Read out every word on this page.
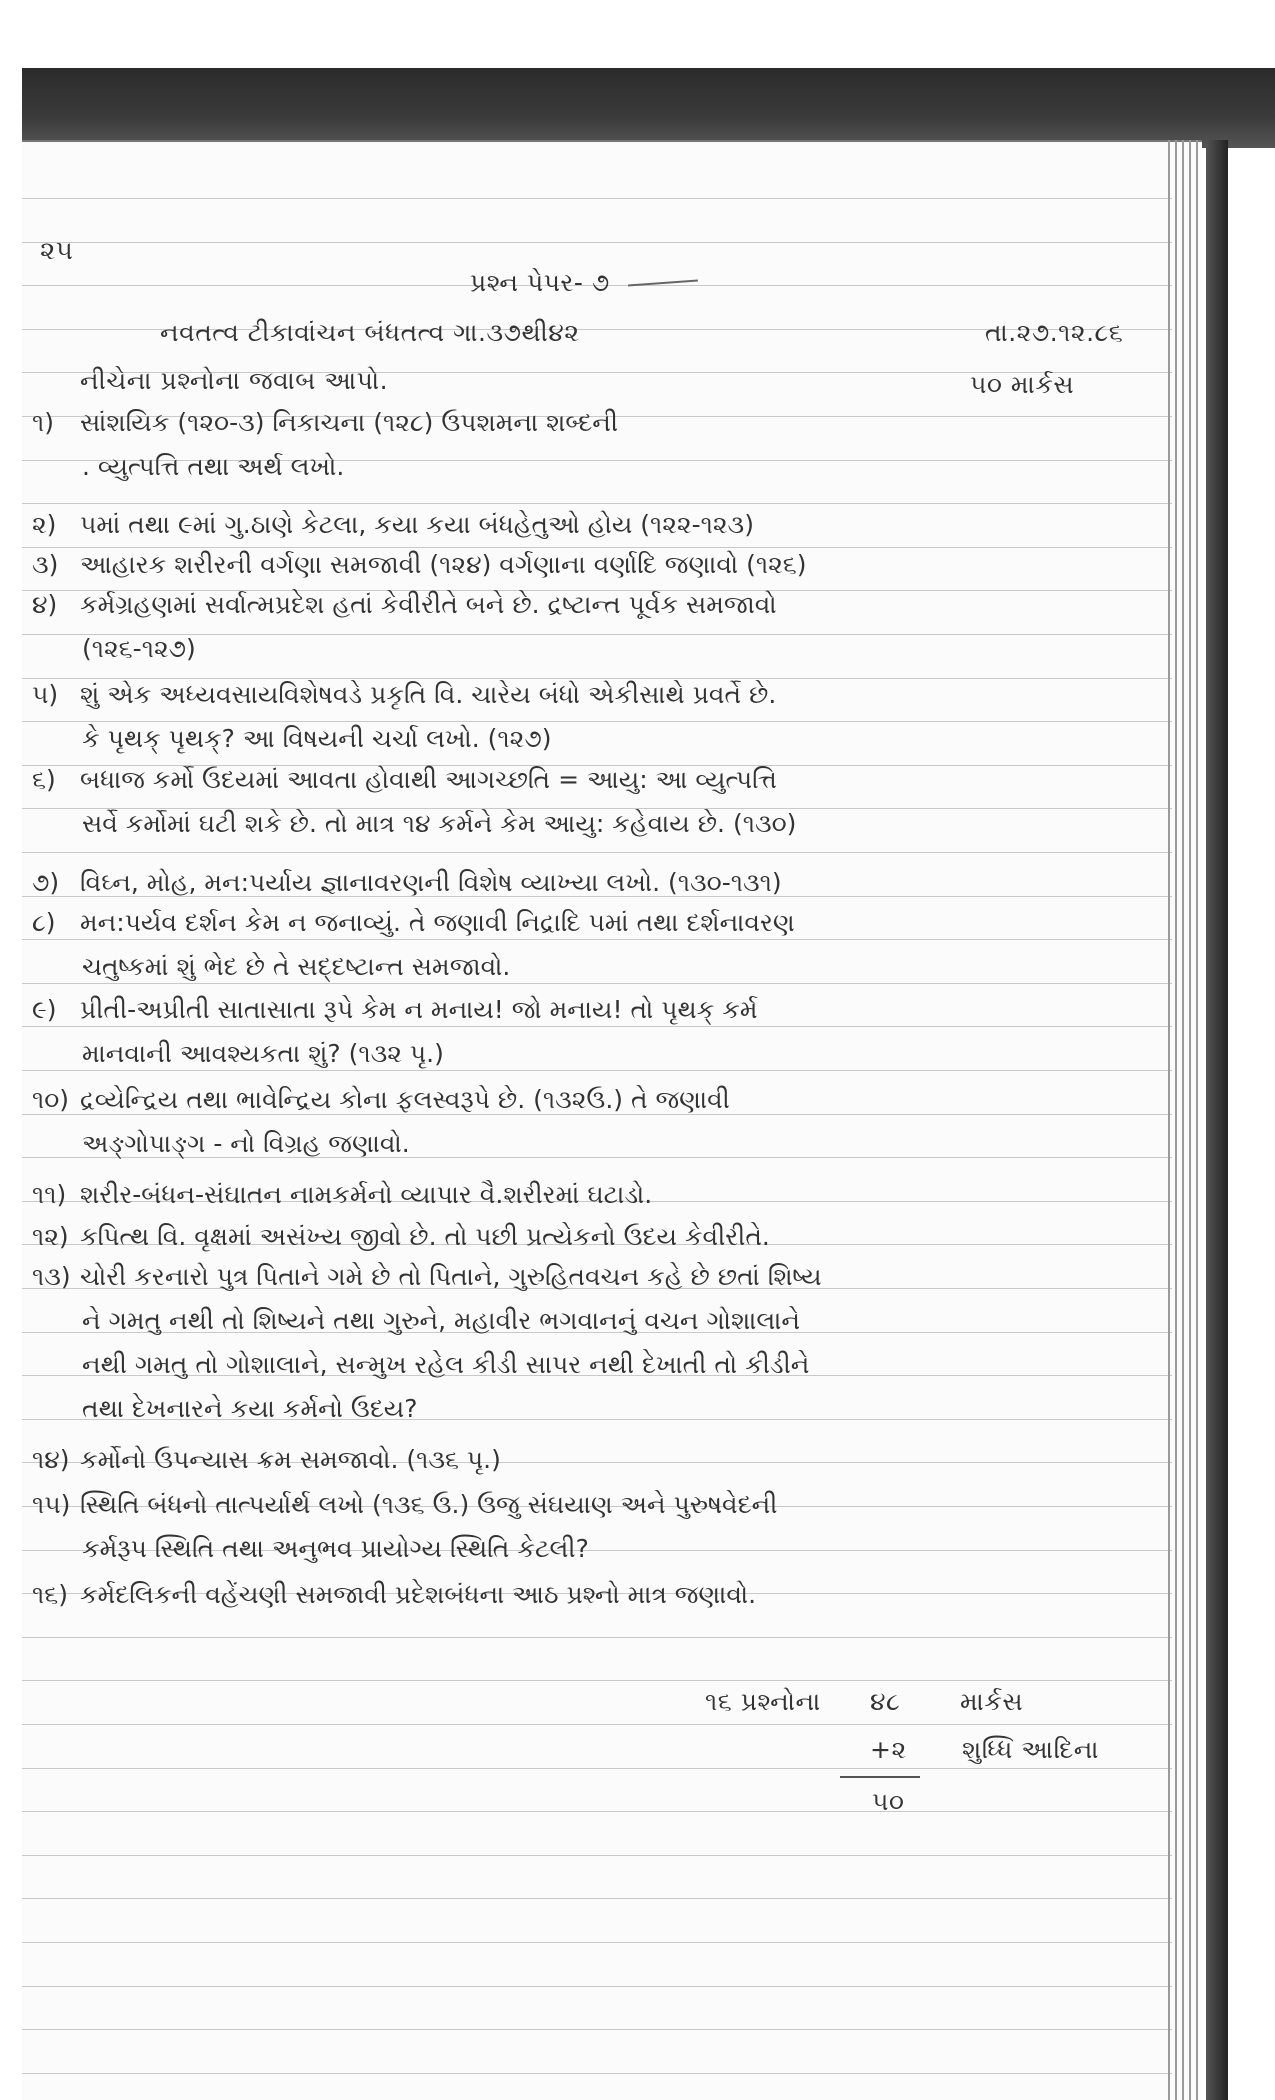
૨૫
પ્રશ્ન પેપર- ૭
નવતત્વ ટીકાવાંચન બંધતત્વ ગા.૩૭થી૪૨	તા.૨૭.૧૨.૮૬
નીચેના પ્રશ્નોના જવાબ આપો.	૫૦ માર્કસ
૧) સાંશયિક (૧૨૦-૩) નિકાચના (૧૨૮) ઉપશમના શબ્દની
. વ્યુત્પત્તિ તથા અર્થ લખો.
૨) ૫માં તથા ૯માં ગુ.ઠાણે કેટલા, કયા કયા બંધહેતુઓ હોય (૧૨૨-૧૨૩)
૩) આહારક શરીરની વર્ગણા સમજાવી (૧૨૪) વર્ગણાના વર્ણાદિ જણાવો (૧૨૬)
૪) કર્મગ્રહણમાં સર્વાત્મપ્રદેશ હતાં કેવીરીતે બને છે. દ્રષ્ટાન્ત પૂર્વક સમજાવો
(૧૨૬-૧૨૭)
૫) શું એક અધ્યવસાયવિશેષવડે પ્રકૃતિ વિ. ચારેય બંધો એકીસાથે પ્રવર્તે છે.
કે પૃથક્ પૃથક્? આ વિષયની ચર્ચા લખો. (૧૨૭)
૬) બધાજ કર્મો ઉદયમાં આવતા હોવાથી આગચ્છતિ = આયુ: આ વ્યુત્પત્તિ
સર્વે કર્મોમાં ઘટી શકે છે. તો માત્ર ૧૪ કર્મને કેમ આયુ: કહેવાય છે. (૧૩૦)
૭) વિઘ્ન, મોહ, મન:પર્યાય જ્ઞાનાવરણની વિશેષ વ્યાખ્યા લખો. (૧૩૦-૧૩૧)
૮) મન:પર્યવ દર્શન કેમ ન જનાવ્યું. તે જણાવી નિદ્રાદિ ૫માં તથા દર્શનાવરણ
ચતુષ્કમાં શું ભેદ છે તે સદ્દષ્ટાન્ત સમજાવો.
૯) પ્રીતી-અપ્રીતી સાતાસાતા રૂપે કેમ ન મનાય! જો મનાય! તો પૃથક્ કર્મ
માનવાની આવશ્યકતા શું? (૧૩૨ પૃ.)
૧૦) દ્રવ્યેન્દ્રિય તથા ભાવેન્દ્રિય કોના ફલસ્વરૂપે છે. (૧૩૨ઉ.) તે જણાવી
અઙ્ગોપાઙ્ગ - નો વિગ્રહ જણાવો.
૧૧) શરીર-બંધન-સંઘાતન નામકર્મનો વ્યાપાર વૈ.શરીરમાં ઘટાડો.
૧૨) કપિત્થ વિ. વૃક્ષમાં અસંખ્ય જીવો છે. તો પછી પ્રત્યેકનો ઉદય કેવીરીતે.
૧૩) ચોરી કરનારો પુત્ર પિતાને ગમે છે તો પિતાને, ગુરુહિતવચન કહે છે છતાં શિષ્ય
ને ગમતુ નથી તો શિષ્યને તથા ગુરુને, મહાવીર ભગવાનનું વચન ગોશાલાને
નથી ગમતુ તો ગોશાલાને, સન્મુખ રહેલ કીડી સાપર નથી દેખાતી તો કીડીને
તથા દેખનારને કયા કર્મનો ઉદય?
૧૪) કર્મોનો ઉપન્યાસ ક્રમ સમજાવો. (૧૩૬ પૃ.)
૧૫) સ્થિતિ બંધનો તાત્પર્યાર્થ લખો (૧૩૬ ઉ.) ઉજુ સંઘયાણ અને પુરુષવેદની
કર્મરૂપ સ્થિતિ તથા અનુભવ પ્રાયોગ્ય સ્થિતિ કેટલી?
૧૬) કર્મદલિકની વહેંચણી સમજાવી પ્રદેશબંધના આઠ પ્રશ્નો માત્ર જણાવો.
૧૬ પ્રશ્નોના ૪૮ માર્કસ
+૨ શુધ્ધિ આદિના
૫૦
